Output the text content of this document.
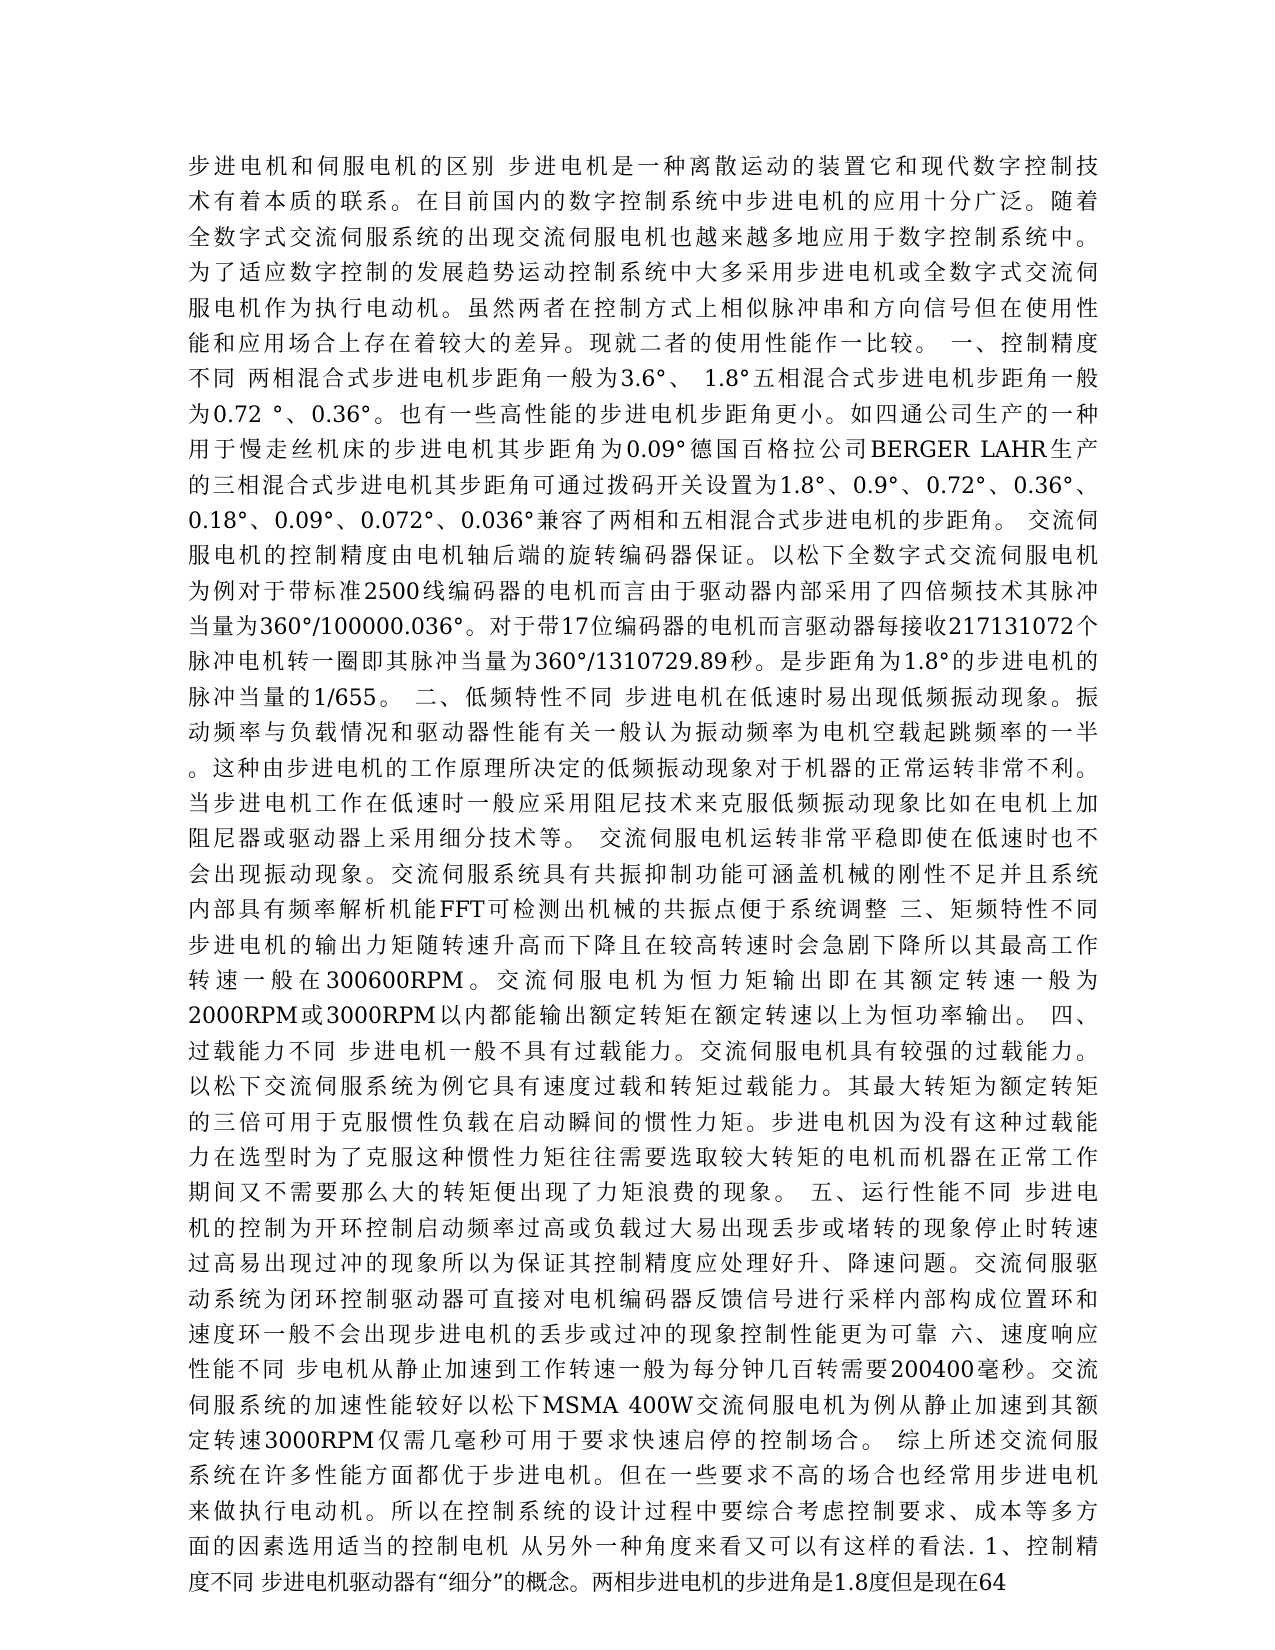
步进电机和伺服电机的区别 步进电机是一种离散运动的装置它和现代数字控制技
术有着本质的联系。在目前国内的数字控制系统中步进电机的应用十分广泛。随着
全数字式交流伺服系统的出现交流伺服电机也越来越多地应用于数字控制系统中。
为了适应数字控制的发展趋势运动控制系统中大多采用步进电机或全数字式交流伺
服电机作为执行电动机。虽然两者在控制方式上相似脉冲串和方向信号但在使用性
能和应用场合上存在着较大的差异。现就二者的使用性能作一比较。 一、控制精度
不同 两相混合式步进电机步距角一般为3.6°、 1.8°五相混合式步进电机步距角一般
为0.72 °、0.36°。也有一些高性能的步进电机步距角更小。如四通公司生产的一种
用于慢走丝机床的步进电机其步距角为0.09°德国百格拉公司BERGER LAHR生产
的三相混合式步进电机其步距角可通过拨码开关设置为1.8°、0.9°、0.72°、0.36°、
0.18°、0.09°、0.072°、0.036°兼容了两相和五相混合式步进电机的步距角。 交流伺
服电机的控制精度由电机轴后端的旋转编码器保证。以松下全数字式交流伺服电机
为例对于带标准2500线编码器的电机而言由于驱动器内部采用了四倍频技术其脉冲
当量为360°/100000.036°。对于带17位编码器的电机而言驱动器每接收217131072个
脉冲电机转一圈即其脉冲当量为360°/1310729.89秒。是步距角为1.8°的步进电机的
脉冲当量的1/655。 二、低频特性不同 步进电机在低速时易出现低频振动现象。振
动频率与负载情况和驱动器性能有关一般认为振动频率为电机空载起跳频率的一半
。这种由步进电机的工作原理所决定的低频振动现象对于机器的正常运转非常不利。
当步进电机工作在低速时一般应采用阻尼技术来克服低频振动现象比如在电机上加
阻尼器或驱动器上采用细分技术等。 交流伺服电机运转非常平稳即使在低速时也不
会出现振动现象。交流伺服系统具有共振抑制功能可涵盖机械的刚性不足并且系统
内部具有频率解析机能FFT可检测出机械的共振点便于系统调整 三、矩频特性不同
步进电机的输出力矩随转速升高而下降且在较高转速时会急剧下降所以其最高工作
转速一般在300600RPM。交流伺服电机为恒力矩输出即在其额定转速一般为
2000RPM或3000RPM以内都能输出额定转矩在额定转速以上为恒功率输出。 四、
过载能力不同 步进电机一般不具有过载能力。交流伺服电机具有较强的过载能力。
以松下交流伺服系统为例它具有速度过载和转矩过载能力。其最大转矩为额定转矩
的三倍可用于克服惯性负载在启动瞬间的惯性力矩。步进电机因为没有这种过载能
力在选型时为了克服这种惯性力矩往往需要选取较大转矩的电机而机器在正常工作
期间又不需要那么大的转矩便出现了力矩浪费的现象。 五、运行性能不同 步进电
机的控制为开环控制启动频率过高或负载过大易出现丢步或堵转的现象停止时转速
过高易出现过冲的现象所以为保证其控制精度应处理好升、降速问题。交流伺服驱
动系统为闭环控制驱动器可直接对电机编码器反馈信号进行采样内部构成位置环和
速度环一般不会出现步进电机的丢步或过冲的现象控制性能更为可靠 六、速度响应
性能不同 步电机从静止加速到工作转速一般为每分钟几百转需要200400毫秒。交流
伺服系统的加速性能较好以松下MSMA 400W交流伺服电机为例从静止加速到其额
定转速3000RPM仅需几毫秒可用于要求快速启停的控制场合。 综上所述交流伺服
系统在许多性能方面都优于步进电机。但在一些要求不高的场合也经常用步进电机
来做执行电动机。所以在控制系统的设计过程中要综合考虑控制要求、成本等多方
面的因素选用适当的控制电机 从另外一种角度来看又可以有这样的看法. 1、控制精
度不同 步进电机驱动器有“细分”的概念。两相步进电机的步进角是1.8度但是现在64
